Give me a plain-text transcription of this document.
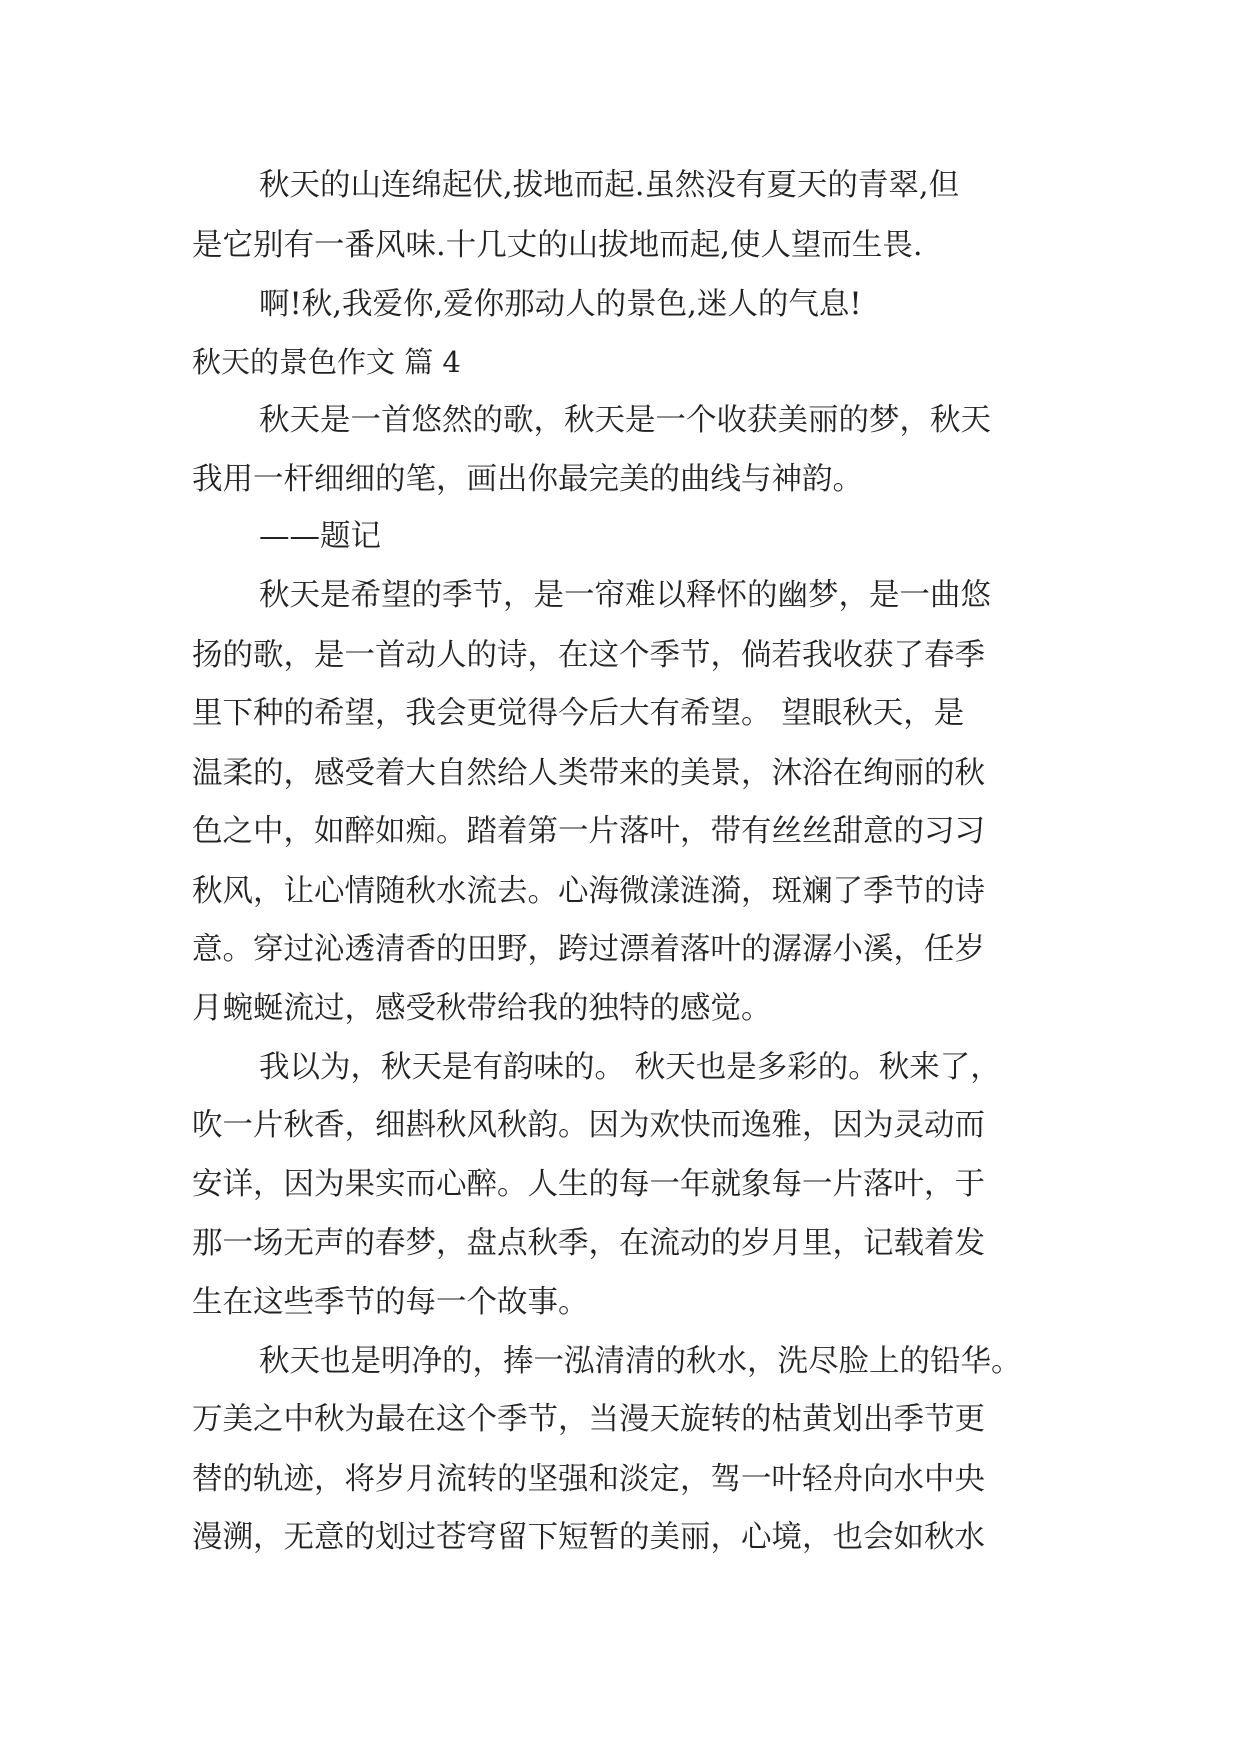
秋天的山连绵起伏,拔地而起.虽然没有夏天的青翠,但

是它别有一番风味.十几丈的山拔地而起,使人望而生畏.

啊!秋,我爱你,爱你那动人的景色,迷人的气息!

秋天的景色作文 篇 4

秋天是一首悠然的歌，秋天是一个收获美丽的梦，秋天

我用一杆细细的笔，画出你最完美的曲线与神韵。

——题记

秋天是希望的季节，是一帘难以释怀的幽梦，是一曲悠

扬的歌，是一首动人的诗，在这个季节，倘若我收获了春季

里下种的希望，我会更觉得今后大有希望。 望眼秋天，是

温柔的，感受着大自然给人类带来的美景，沐浴在绚丽的秋

色之中，如醉如痴。踏着第一片落叶，带有丝丝甜意的习习

秋风，让心情随秋水流去。心海微漾涟漪，斑斓了季节的诗

意。穿过沁透清香的田野，跨过漂着落叶的潺潺小溪，任岁

月蜿蜒流过，感受秋带给我的独特的感觉。

我以为，秋天是有韵味的。 秋天也是多彩的。秋来了，

吹一片秋香，细斟秋风秋韵。因为欢快而逸雅，因为灵动而

安详，因为果实而心醉。人生的每一年就象每一片落叶，于

那一场无声的春梦，盘点秋季，在流动的岁月里，记载着发

生在这些季节的每一个故事。

秋天也是明净的，捧一泓清清的秋水，洗尽脸上的铅华。

万美之中秋为最在这个季节，当漫天旋转的枯黄划出季节更

替的轨迹，将岁月流转的坚强和淡定，驾一叶轻舟向水中央

漫溯，无意的划过苍穹留下短暂的美丽，心境，也会如秋水
